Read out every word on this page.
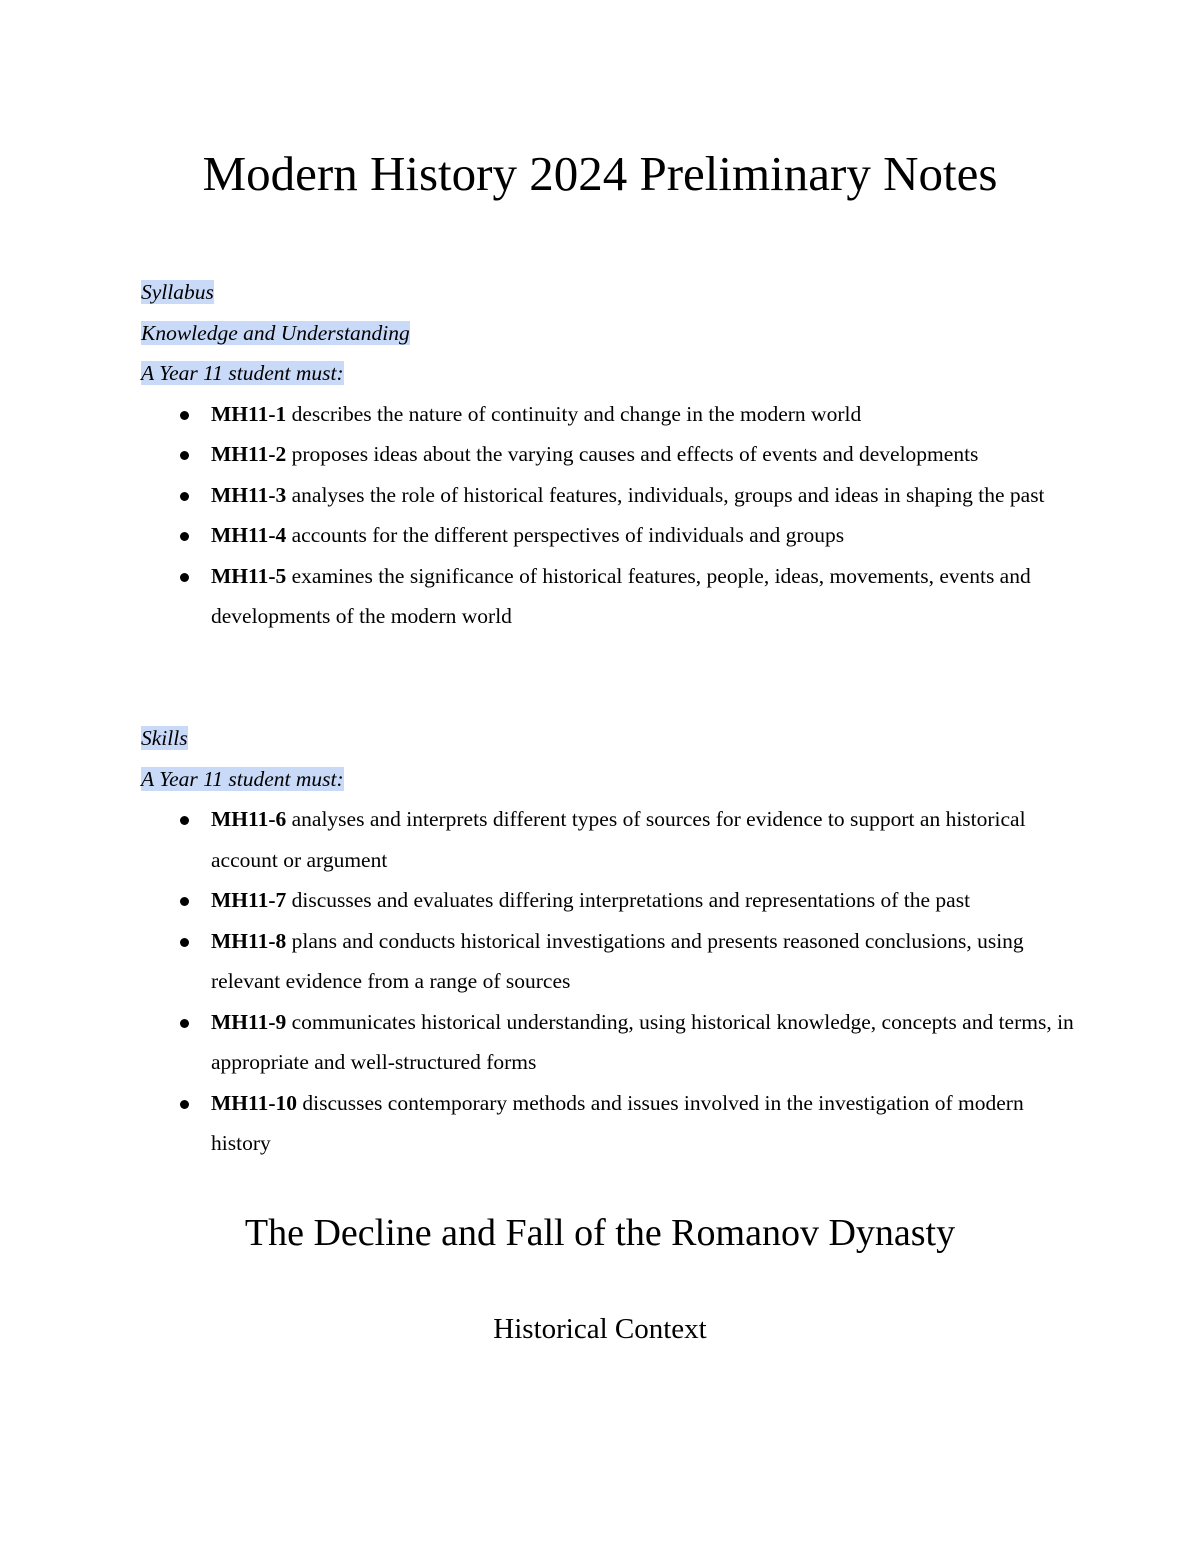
Modern History 2024 Preliminary Notes
Syllabus
Knowledge and Understanding
A Year 11 student must:
MH11-1 describes the nature of continuity and change in the modern world
MH11-2 proposes ideas about the varying causes and effects of events and developments
MH11-3 analyses the role of historical features, individuals, groups and ideas in shaping the past
MH11-4 accounts for the different perspectives of individuals and groups
MH11-5 examines the significance of historical features, people, ideas, movements, events and developments of the modern world
Skills
A Year 11 student must:
MH11-6 analyses and interprets different types of sources for evidence to support an historical account or argument
MH11-7 discusses and evaluates differing interpretations and representations of the past
MH11-8 plans and conducts historical investigations and presents reasoned conclusions, using relevant evidence from a range of sources
MH11-9 communicates historical understanding, using historical knowledge, concepts and terms, in appropriate and well-structured forms
MH11-10 discusses contemporary methods and issues involved in the investigation of modern history
The Decline and Fall of the Romanov Dynasty
Historical Context
